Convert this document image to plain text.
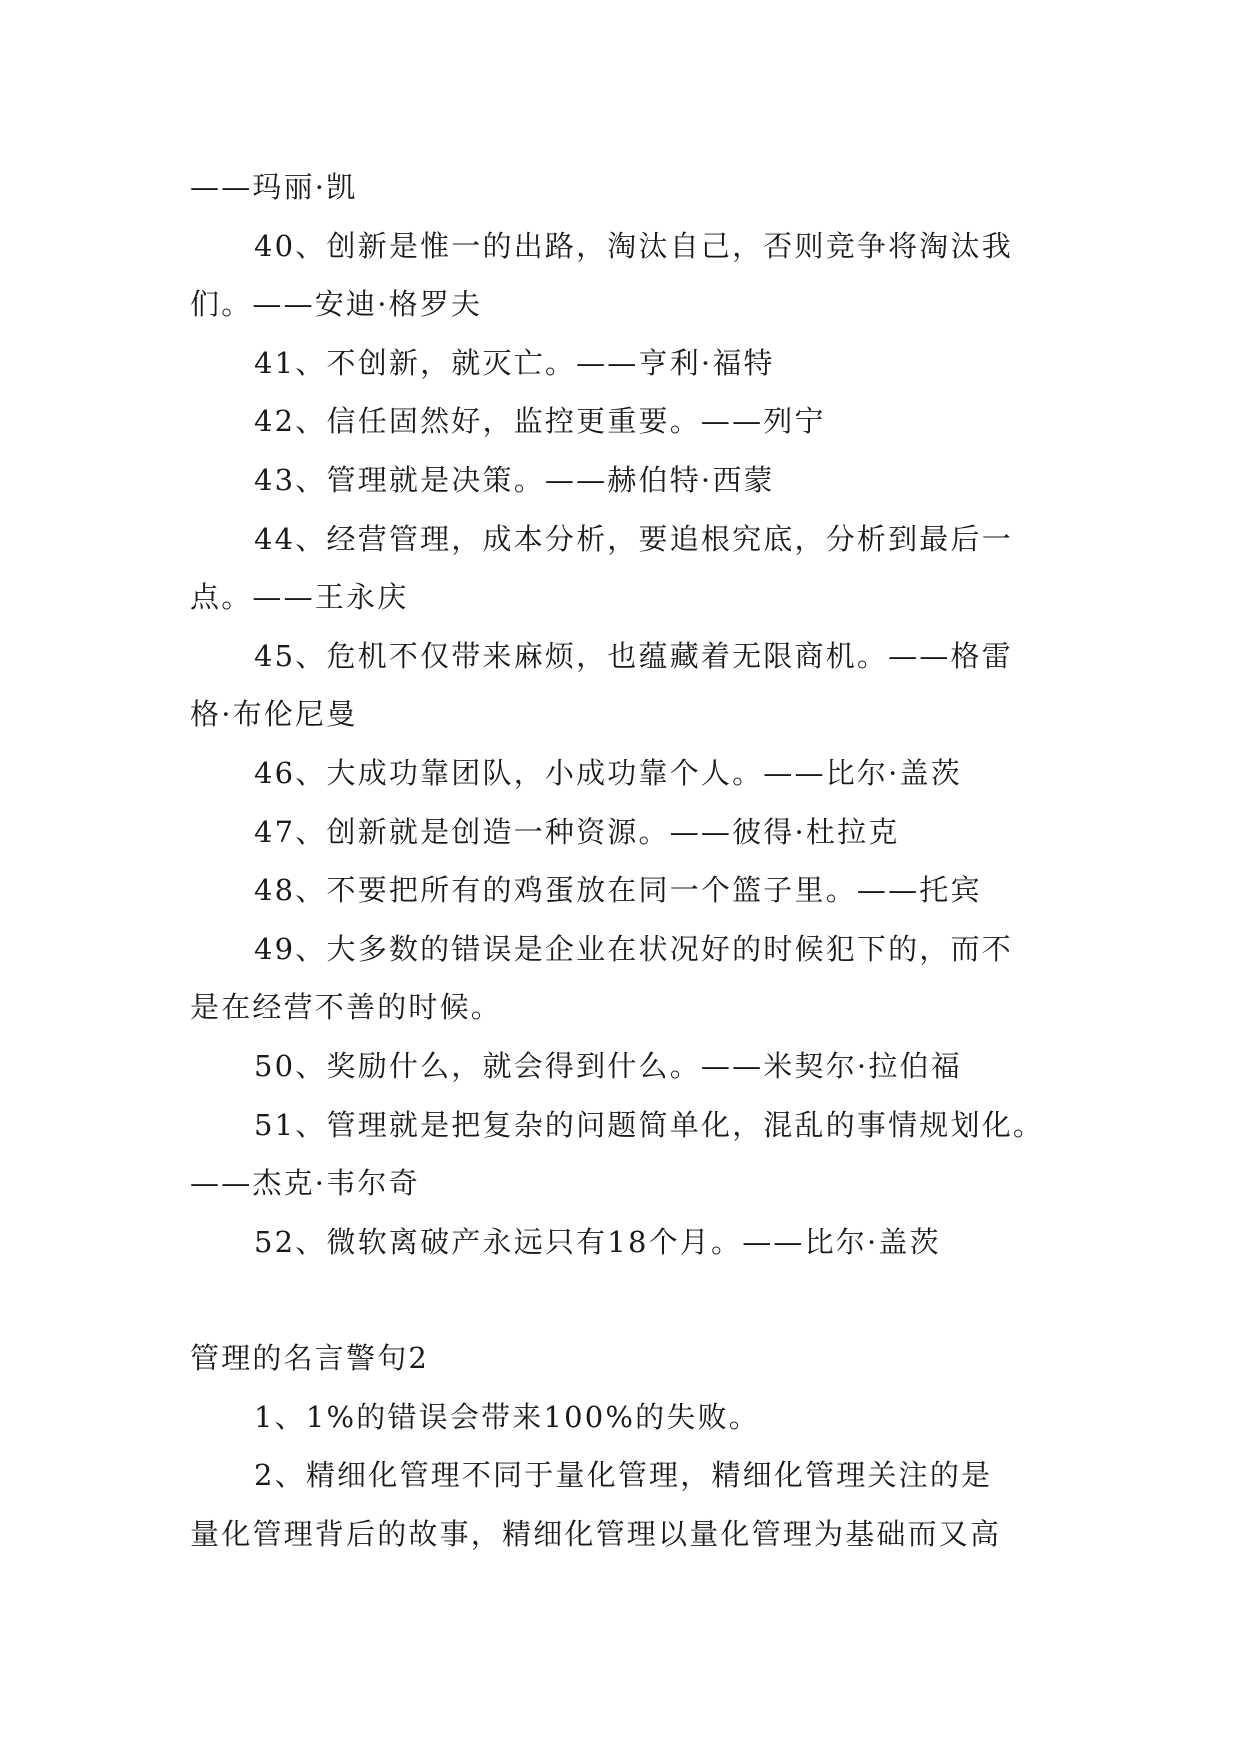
——玛丽·凯
40、创新是惟一的出路，淘汰自己，否则竞争将淘汰我
们。——安迪·格罗夫
41、不创新，就灭亡。——亨利·福特
42、信任固然好，监控更重要。——列宁
43、管理就是决策。——赫伯特·西蒙
44、经营管理，成本分析，要追根究底，分析到最后一
点。——王永庆
45、危机不仅带来麻烦，也蕴藏着无限商机。——格雷
格·布伦尼曼
46、大成功靠团队，小成功靠个人。——比尔·盖茨
47、创新就是创造一种资源。——彼得·杜拉克
48、不要把所有的鸡蛋放在同一个篮子里。——托宾
49、大多数的错误是企业在状况好的时候犯下的，而不
是在经营不善的时候。
50、奖励什么，就会得到什么。——米契尔·拉伯福
51、管理就是把复杂的问题简单化，混乱的事情规划化。
——杰克·韦尔奇
52、微软离破产永远只有18个月。——比尔·盖茨
管理的名言警句2
1、1%的错误会带来100%的失败。
2、精细化管理不同于量化管理，精细化管理关注的是
量化管理背后的故事，精细化管理以量化管理为基础而又高
